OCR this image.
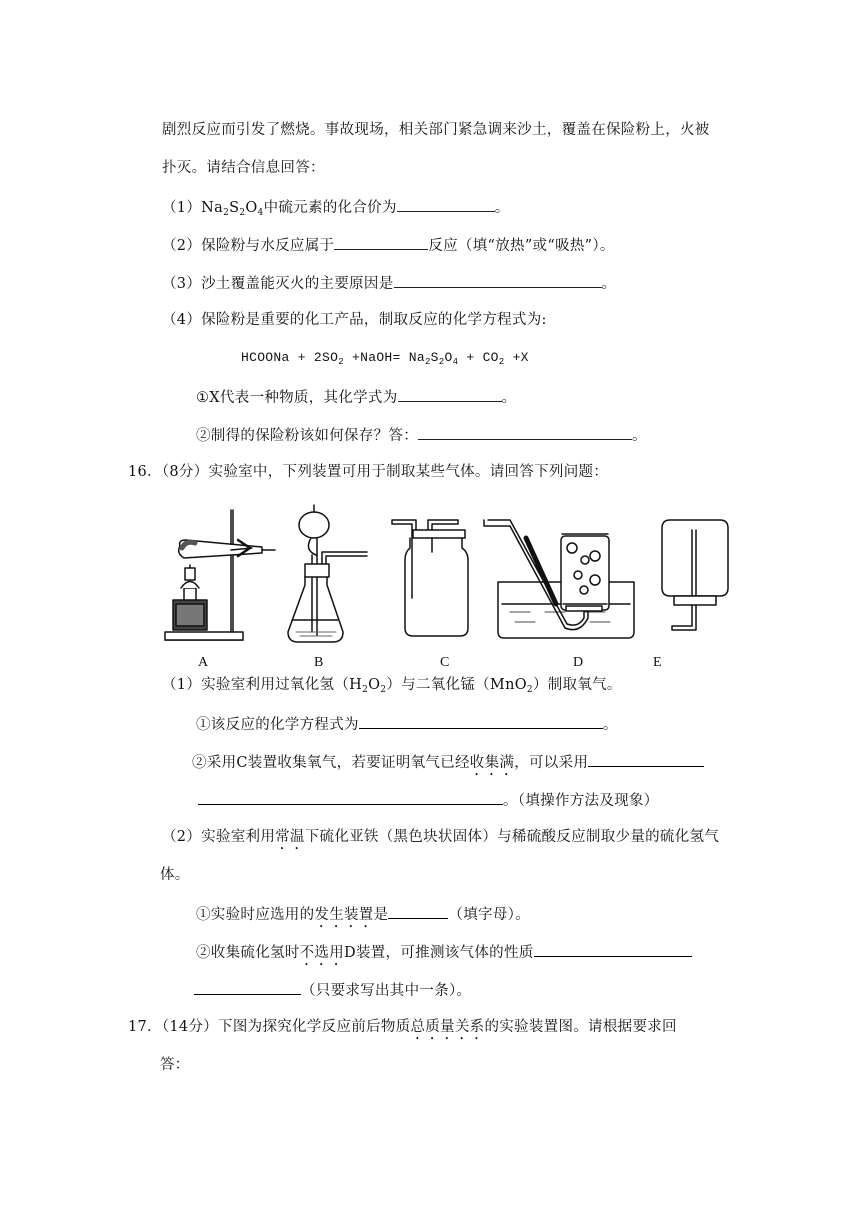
剧烈反应而引发了燃烧。事故现场，相关部门紧急调来沙土，覆盖在保险粉上，火被
扑灭。请结合信息回答：
$(1)Na_2S_2O_4$中硫元素的化合价为	。
（2）保险粉与水反应属于	反应（填“放热”或“吸热”）。
（3）沙土覆盖能灭火的主要原因是	。
（4）保险粉是重要的化工产品，制取反应的化学方程式为:
HCOONa + $2SO_2$ +NaOH= $Na_2S_2O_4 + CO_2 +X$
①X代表一种物质，其化学式为	。
②制得的保险粉该如何保存？答：	。
16．（8分）实验室中，下列装置可用于制取某些气体。请回答下列问题：
A	B	C	D	E
（1）实验室利用过氧化氢$(H_2O_2)$与二氧化锰（MnO$_2$）制取氧气。
①该反应的化学方程式为	。
②采用C装置收集氧气，若要证明氧气已经收集满，可以采用
。（填操作方法及现象）
（2）实验室利用常温下硫化亚铁（黑色块状固体）与稀硫酸反应制取少量的硫化氢气
体。
①实验时应选用的发生装置是	（填字母）。
②收集硫化氢时不选用D装置，可推测该气体的性质
（只要求写出其中一条）。
17．（14分）下图为探究化学反应前后物质总质量关系的实验装置图。请根据要求回
答：
